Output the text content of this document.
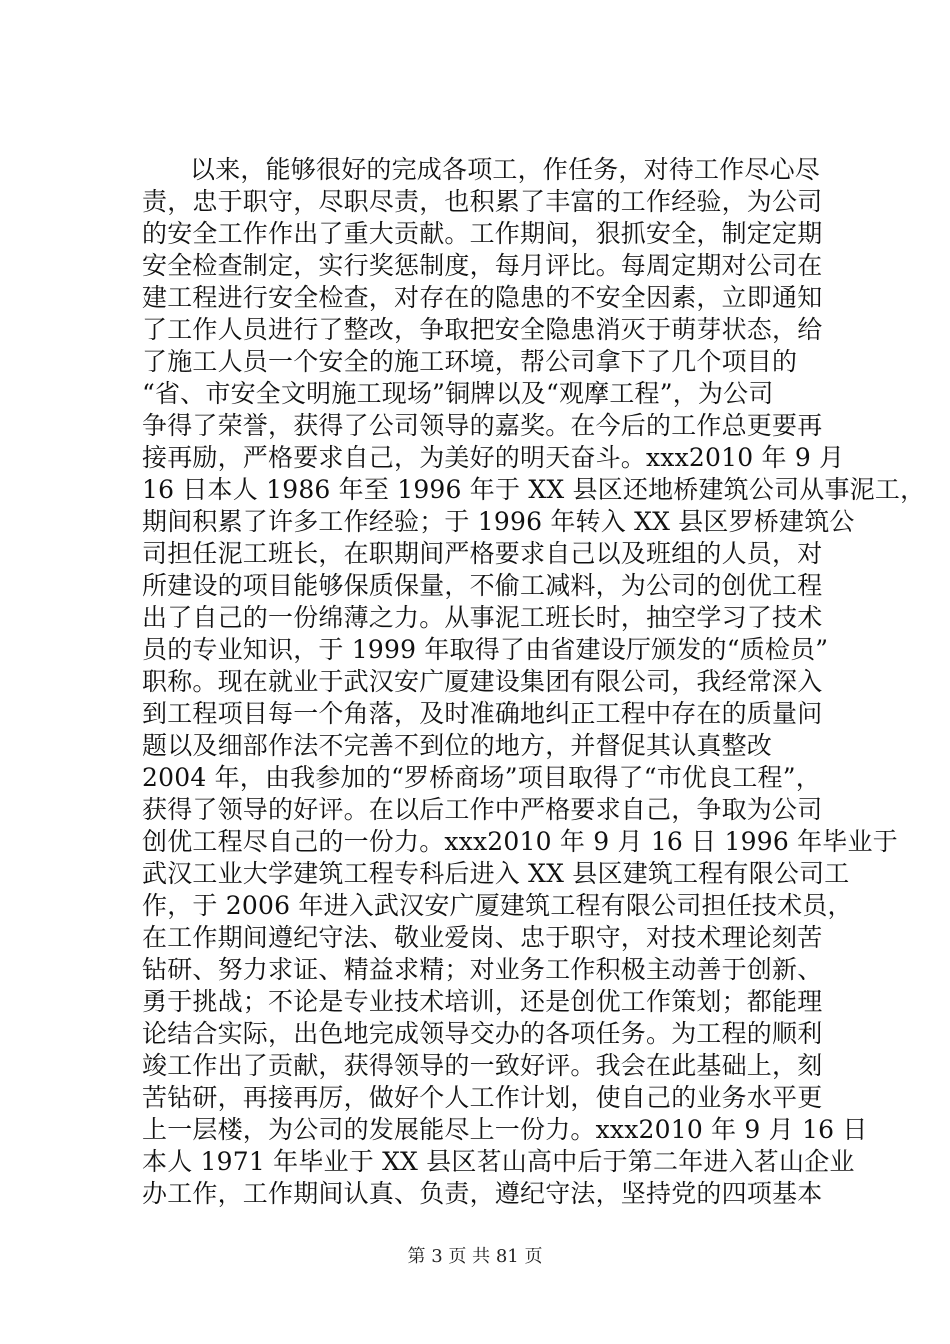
以来，能够很好的完成各项工，作任务，对待工作尽心尽
责，忠于职守，尽职尽责，也积累了丰富的工作经验，为公司
的安全工作作出了重大贡献。工作期间，狠抓安全，制定定期
安全检查制定，实行奖惩制度，每月评比。每周定期对公司在
建工程进行安全检查，对存在的隐患的不安全因素，立即通知
了工作人员进行了整改，争取把安全隐患消灭于萌芽状态，给
了施工人员一个安全的施工环境，帮公司拿下了几个项目的
“省、市安全文明施工现场”铜牌以及“观摩工程”，为公司
争得了荣誉，获得了公司领导的嘉奖。在今后的工作总更要再
接再励，严格要求自己，为美好的明天奋斗。xxx2010 年 9 月
16 日本人 1986 年至 1996 年于 XX 县区还地桥建筑公司从事泥工，
期间积累了许多工作经验；于 1996 年转入 XX 县区罗桥建筑公
司担任泥工班长，在职期间严格要求自己以及班组的人员，对
所建设的项目能够保质保量，不偷工减料，为公司的创优工程
出了自己的一份绵薄之力。从事泥工班长时，抽空学习了技术
员的专业知识，于 1999 年取得了由省建设厅颁发的“质检员”
职称。现在就业于武汉安广厦建设集团有限公司，我经常深入
到工程项目每一个角落，及时准确地纠正工程中存在的质量问
题以及细部作法不完善不到位的地方，并督促其认真整改
2004 年，由我参加的“罗桥商场”项目取得了“市优良工程”，
获得了领导的好评。在以后工作中严格要求自己，争取为公司
创优工程尽自己的一份力。xxx2010 年 9 月 16 日 1996 年毕业于
武汉工业大学建筑工程专科后进入 XX 县区建筑工程有限公司工
作，于 2006 年进入武汉安广厦建筑工程有限公司担任技术员，
在工作期间遵纪守法、敬业爱岗、忠于职守，对技术理论刻苦
钻研、努力求证、精益求精；对业务工作积极主动善于创新、
勇于挑战；不论是专业技术培训，还是创优工作策划；都能理
论结合实际，出色地完成领导交办的各项任务。为工程的顺利
竣工作出了贡献，获得领导的一致好评。我会在此基础上，刻
苦钻研，再接再厉，做好个人工作计划，使自己的业务水平更
上一层楼，为公司的发展能尽上一份力。xxx2010 年 9 月 16 日
本人 1971 年毕业于 XX 县区茗山高中后于第二年进入茗山企业
办工作，工作期间认真、负责，遵纪守法，坚持党的四项基本
第 3 页 共 81 页
